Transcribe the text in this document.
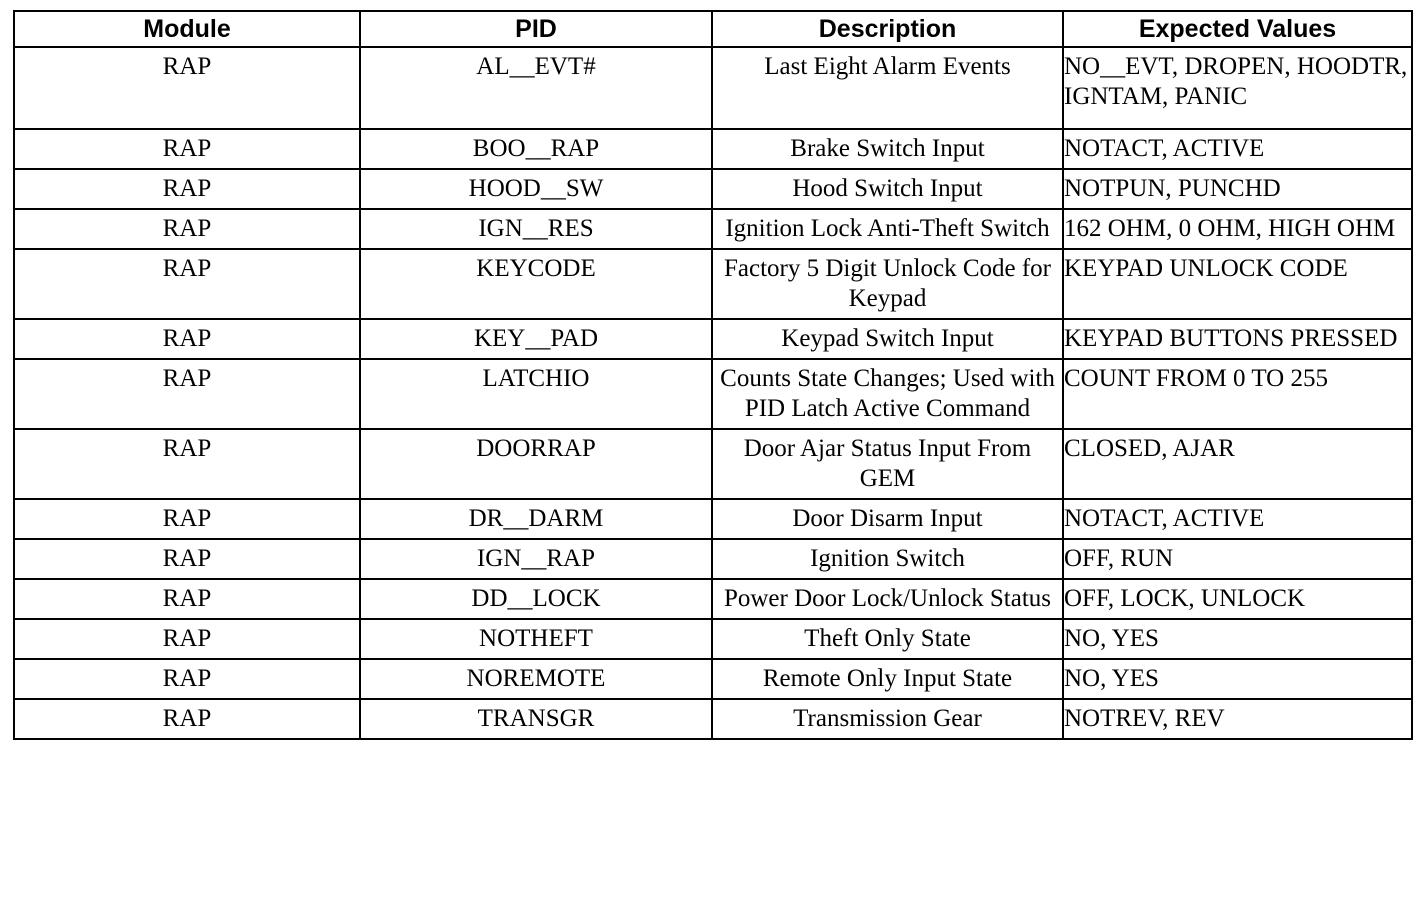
Module	PID	Description	Expected Values
RAP	AL__EVT#	Last Eight Alarm Events	NO__EVT, DROPEN, HOODTR, IGNTAM, PANIC
RAP	BOO__RAP	Brake Switch Input	NOTACT, ACTIVE
RAP	HOOD__SW	Hood Switch Input	NOTPUN, PUNCHD
RAP	IGN__RES	Ignition Lock Anti-Theft Switch	162 OHM, 0 OHM, HIGH OHM
RAP	KEYCODE	Factory 5 Digit Unlock Code for Keypad	KEYPAD UNLOCK CODE
RAP	KEY__PAD	Keypad Switch Input	KEYPAD BUTTONS PRESSED
RAP	LATCHIO	Counts State Changes; Used with PID Latch Active Command	COUNT FROM 0 TO 255
RAP	DOORRAP	Door Ajar Status Input From GEM	CLOSED, AJAR
RAP	DR__DARM	Door Disarm Input	NOTACT, ACTIVE
RAP	IGN__RAP	Ignition Switch	OFF, RUN
RAP	DD__LOCK	Power Door Lock/Unlock Status	OFF, LOCK, UNLOCK
RAP	NOTHEFT	Theft Only State	NO, YES
RAP	NOREMOTE	Remote Only Input State	NO, YES
RAP	TRANSGR	Transmission Gear	NOTREV, REV
